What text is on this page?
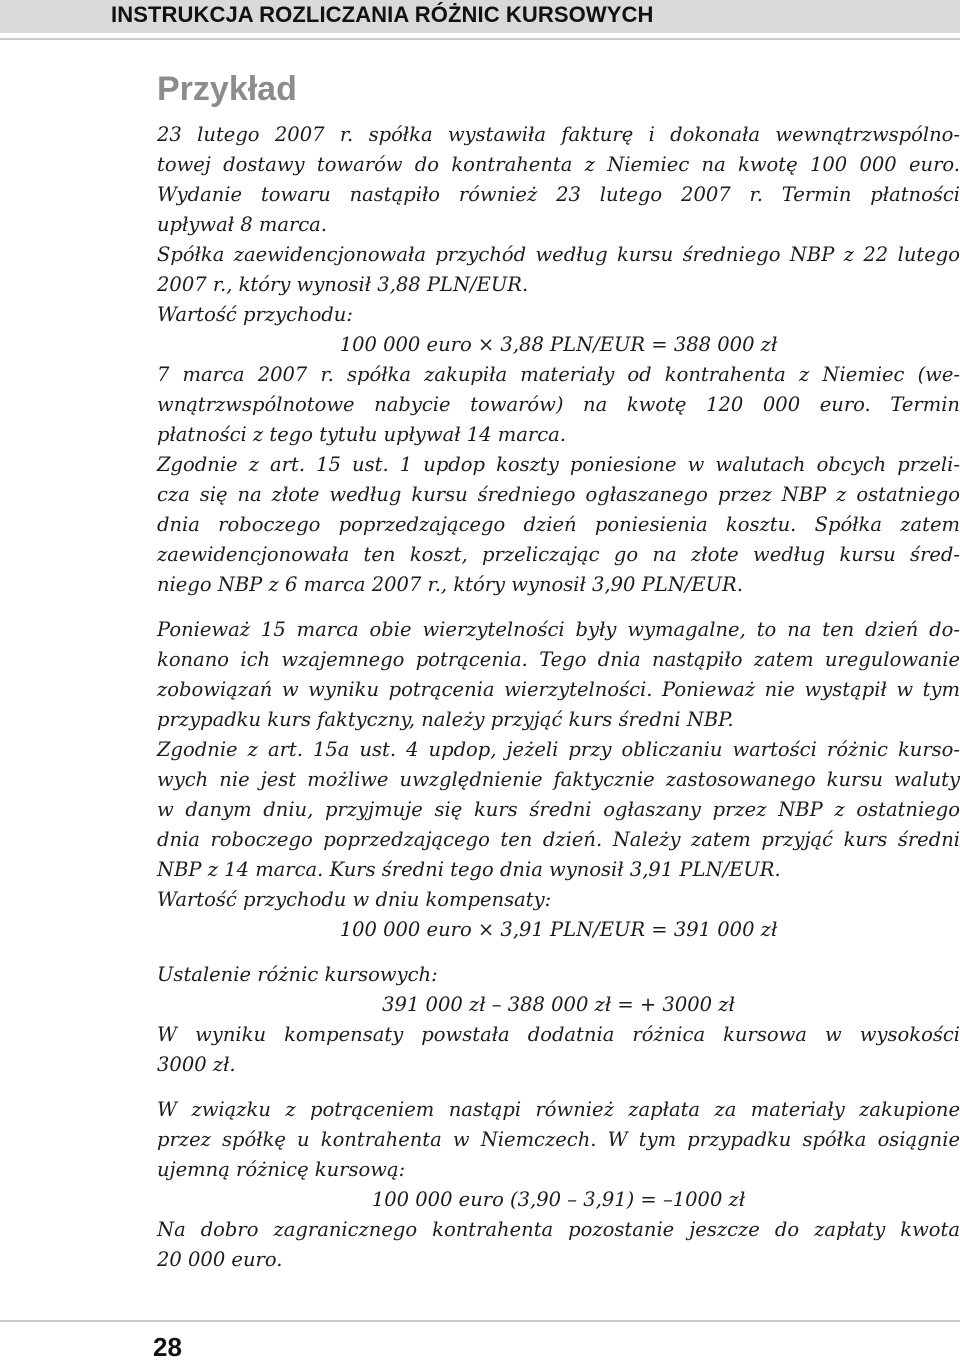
INSTRUKCJA ROZLICZANIA RÓŻNIC KURSOWYCH
Przykład

23 lutego 2007 r. spółka wystawiła fakturę i dokonała wewnątrzwspólno-

towej dostawy towarów do kontrahenta z Niemiec na kwotę 100 000 euro.

Wydanie towaru nastąpiło również 23 lutego 2007 r. Termin płatności

upływał 8 marca.

Spółka zaewidencjonowała przychód według kursu średniego NBP z 22 lutego

2007 r., który wynosił 3,88 PLN/EUR.

Wartość przychodu:

100 000 euro × 3,88 PLN/EUR = 388 000 zł

7 marca 2007 r. spółka zakupiła materiały od kontrahenta z Niemiec (we-

wnątrzwspólnotowe nabycie towarów) na kwotę 120 000 euro. Termin

płatności z tego tytułu upływał 14 marca.

Zgodnie z art. 15 ust. 1 updop koszty poniesione w walutach obcych przeli-

cza się na złote według kursu średniego ogłaszanego przez NBP z ostatniego

dnia roboczego poprzedzającego dzień poniesienia kosztu. Spółka zatem

zaewidencjonowała ten koszt, przeliczając go na złote według kursu śred-

niego NBP z 6 marca 2007 r., który wynosił 3,90 PLN/EUR.

Ponieważ 15 marca obie wierzytelności były wymagalne, to na ten dzień do-

konano ich wzajemnego potrącenia. Tego dnia nastąpiło zatem uregulowanie

zobowiązań w wyniku potrącenia wierzytelności. Ponieważ nie wystąpił w tym

przypadku kurs faktyczny, należy przyjąć kurs średni NBP.

Zgodnie z art. 15a ust. 4 updop, jeżeli przy obliczaniu wartości różnic kurso-

wych nie jest możliwe uwzględnienie faktycznie zastosowanego kursu waluty

w danym dniu, przyjmuje się kurs średni ogłaszany przez NBP z ostatniego

dnia roboczego poprzedzającego ten dzień. Należy zatem przyjąć kurs średni

NBP z 14 marca. Kurs średni tego dnia wynosił 3,91 PLN/EUR.

Wartość przychodu w dniu kompensaty:

100 000 euro × 3,91 PLN/EUR = 391 000 zł

Ustalenie różnic kursowych:

391 000 zł – 388 000 zł = + 3000 zł

W wyniku kompensaty powstała dodatnia różnica kursowa w wysokości

3000 zł.

W związku z potrąceniem nastąpi również zapłata za materiały zakupione

przez spółkę u kontrahenta w Niemczech. W tym przypadku spółka osiągnie

ujemną różnicę kursową:

100 000 euro (3,90 – 3,91) = –1000 zł

Na dobro zagranicznego kontrahenta pozostanie jeszcze do zapłaty kwota

20 000 euro.

28
